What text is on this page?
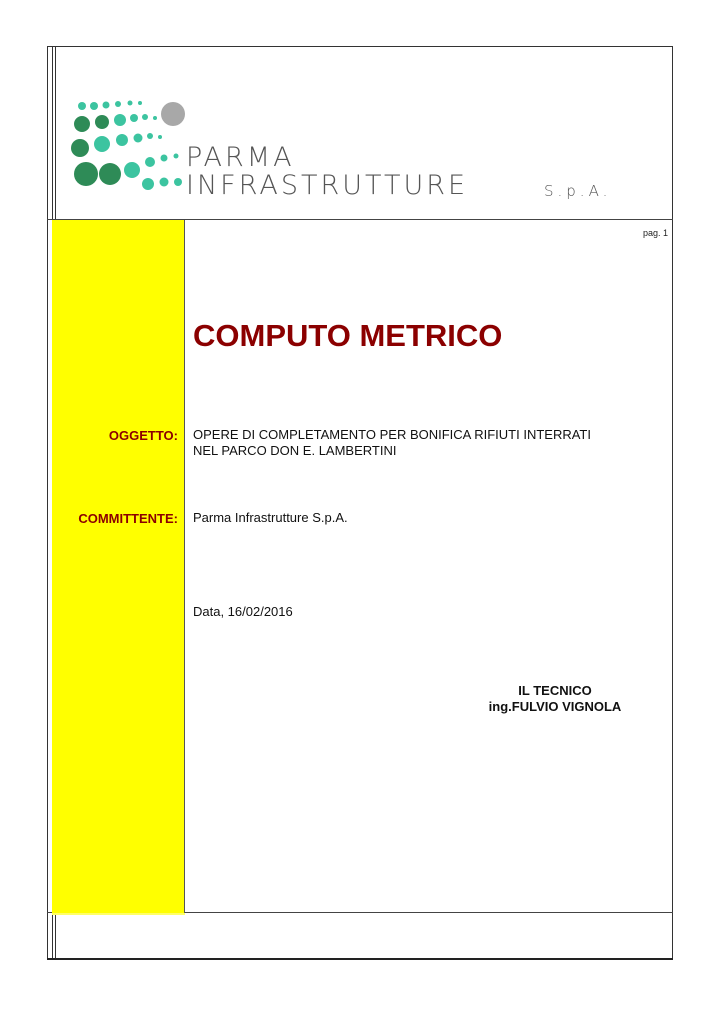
PARMA
INFRASTRUTTURE	S.p.A.
pag. 1
COMPUTO METRICO
OGGETTO: OPERE DI COMPLETAMENTO PER BONIFICA RIFIUTI INTERRATI
NEL PARCO DON E. LAMBERTINI
COMMITTENTE: Parma Infrastrutture S.p.A.
Data, 16/02/2016
IL TECNICO
ing.FULVIO VIGNOLA
